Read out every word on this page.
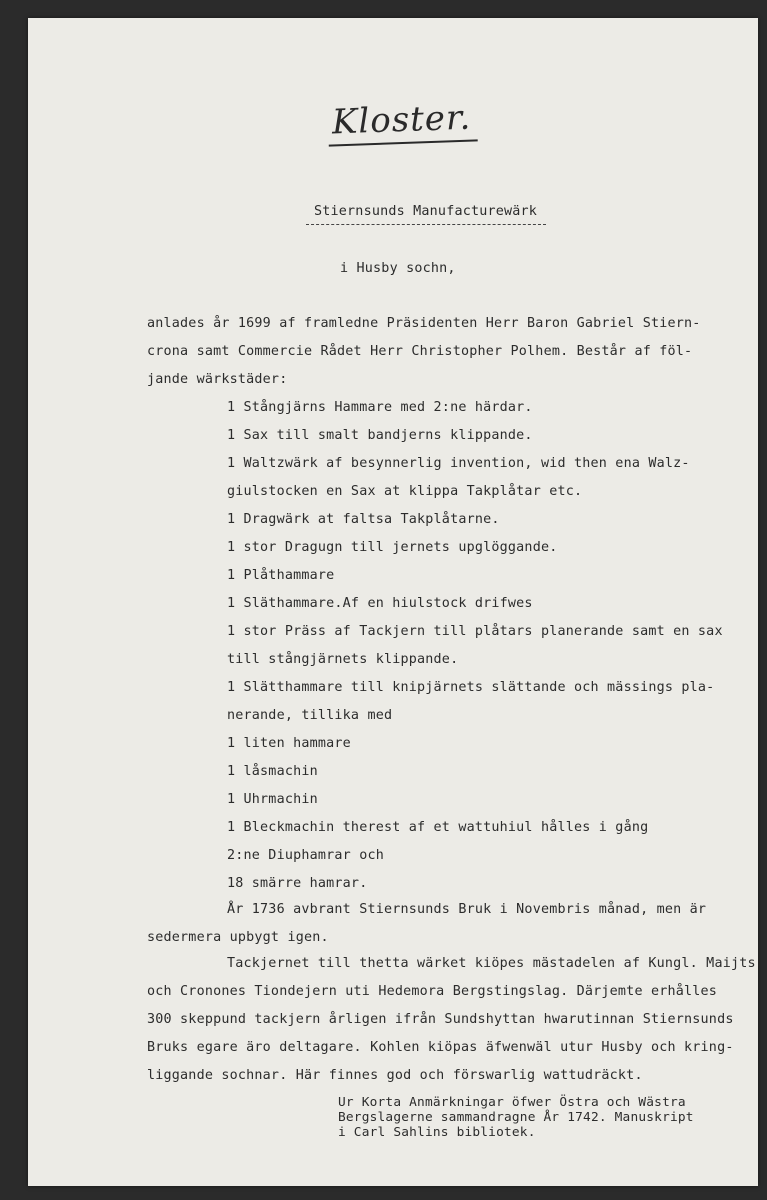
Kloster.
Stiernsunds Manufacturewärk
i Husby sochn,
anlades år 1699 af framledne Präsidenten Herr Baron Gabriel Stiern-
crona samt Commercie Rådet Herr Christopher Polhem. Består af föl-
jande wärkstäder:
1 Stångjärns Hammare med 2:ne härdar.
1 Sax till smalt bandjerns klippande.
1 Waltzwärk af besynnerlig invention, wid then ena Walz-
giulstocken en Sax at klippa Takplåtar etc.
1 Dragwärk at faltsa Takplåtarne.
1 stor Dragugn till jernets upglöggande.
1 Plåthammare
1 Släthammare.Af en hiulstock drifwes
1 stor Präss af Tackjern till plåtars planerande samt en sax
till stångjärnets klippande.
1 Slätthammare till knipjärnets slättande och mässings pla-
nerande, tillika med
1 liten hammare
1 låsmachin
1 Uhrmachin
1 Bleckmachin therest af et wattuhiul hålles i gång
2:ne Diuphamrar och
18 smärre hamrar.
År 1736 avbrant Stiernsunds Bruk i Novembris månad, men är
sedermera upbygt igen.
Tackjernet till thetta wärket kiöpes mästadelen af Kungl. Maijts
och Cronones Tiondejern uti Hedemora Bergstingslag. Därjemte erhålles
300 skeppund tackjern årligen ifrån Sundshyttan hwarutinnan Stiernsunds
Bruks egare äro deltagare. Kohlen kiöpas äfwenwäl utur Husby och kring-
liggande sochnar. Här finnes god och förswarlig wattudräckt.
Ur Korta Anmärkningar öfwer Östra och Wästra
Bergslagerne sammandragne År 1742. Manuskript
i Carl Sahlins bibliotek.
